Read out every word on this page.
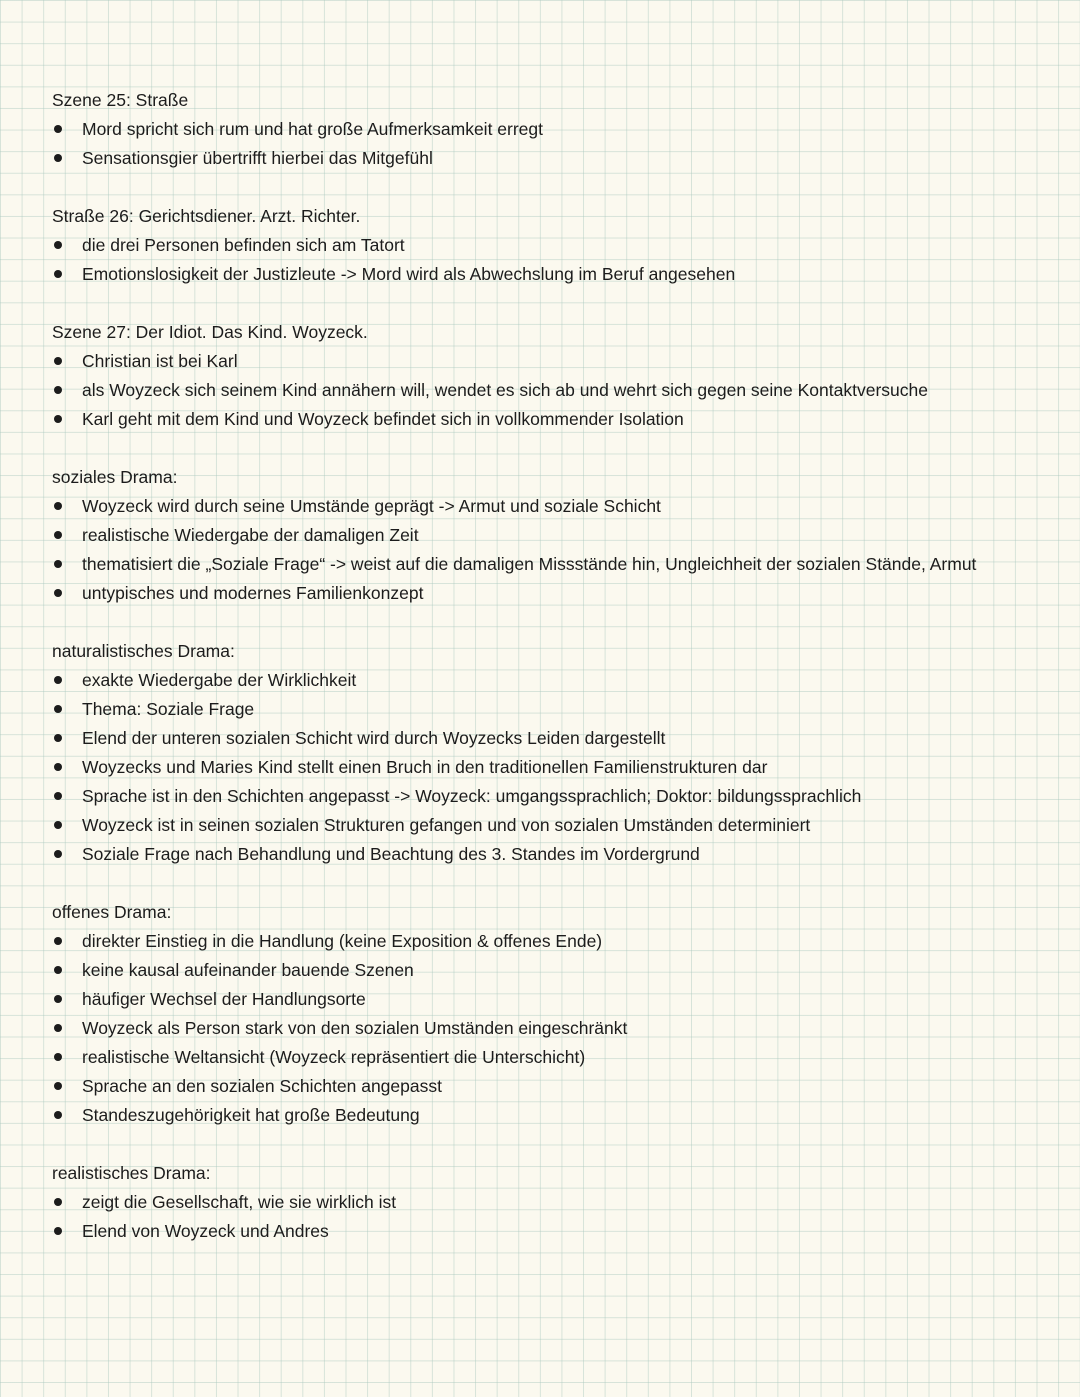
Szene 25: Straße
Mord spricht sich rum und hat große Aufmerksamkeit erregt
Sensationsgier übertrifft hierbei das Mitgefühl
Straße 26: Gerichtsdiener. Arzt. Richter.
die drei Personen befinden sich am Tatort
Emotionslosigkeit der Justizleute -> Mord wird als Abwechslung im Beruf angesehen
Szene 27: Der Idiot. Das Kind. Woyzeck.
Christian ist bei Karl
als Woyzeck sich seinem Kind annähern will, wendet es sich ab und wehrt sich gegen seine Kontaktversuche
Karl geht mit dem Kind und Woyzeck befindet sich in vollkommender Isolation
soziales Drama:
Woyzeck wird durch seine Umstände geprägt -> Armut und soziale Schicht
realistische Wiedergabe der damaligen Zeit
thematisiert die „Soziale Frage“ -> weist auf die damaligen Missstände hin, Ungleichheit der sozialen Stände, Armut
untypisches und modernes Familienkonzept
naturalistisches Drama:
exakte Wiedergabe der Wirklichkeit
Thema: Soziale Frage
Elend der unteren sozialen Schicht wird durch Woyzecks Leiden dargestellt
Woyzecks und Maries Kind stellt einen Bruch in den traditionellen Familienstrukturen dar
Sprache ist in den Schichten angepasst -> Woyzeck: umgangssprachlich; Doktor: bildungssprachlich
Woyzeck ist in seinen sozialen Strukturen gefangen und von sozialen Umständen determiniert
Soziale Frage nach Behandlung und Beachtung des 3. Standes im Vordergrund
offenes Drama:
direkter Einstieg in die Handlung (keine Exposition & offenes Ende)
keine kausal aufeinander bauende Szenen
häufiger Wechsel der Handlungsorte
Woyzeck als Person stark von den sozialen Umständen eingeschränkt
realistische Weltansicht (Woyzeck repräsentiert die Unterschicht)
Sprache an den sozialen Schichten angepasst
Standeszugehörigkeit hat große Bedeutung
realistisches Drama:
zeigt die Gesellschaft, wie sie wirklich ist
Elend von Woyzeck und Andres
